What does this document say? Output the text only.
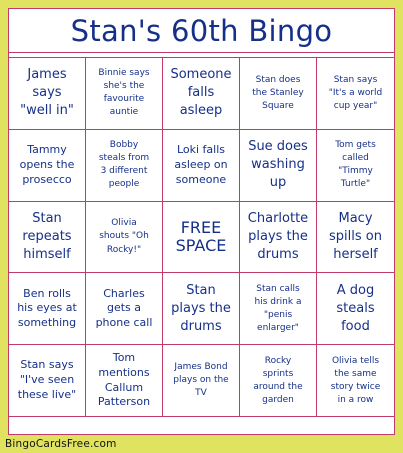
Stan's 60th Bingo
James
says
"well in"
Binnie says
she's the
favourite
auntie
Someone
falls
asleep
Stan does
the Stanley
Square
Stan says
"It's a world
cup year"
Tammy
opens the
prosecco
Bobby
steals from
3 different
people
Loki falls
asleep on
someone
Sue does
washing
up
Tom gets
called
"Timmy
Turtle"
Stan
repeats
himself
Olivia
shouts "Oh
Rocky!"
FREE
SPACE
Charlotte
plays the
drums
Macy
spills on
herself
Ben rolls
his eyes at
something
Charles
gets a
phone call
Stan
plays the
drums
Stan calls
his drink a
"penis
enlarger"
A dog
steals
food
Stan says
"I've seen
these live"
Tom
mentions
Callum
Patterson
James Bond
plays on the
TV
Rocky
sprints
around the
garden
Olivia tells
the same
story twice
in a row
BingoCardsFree.com
